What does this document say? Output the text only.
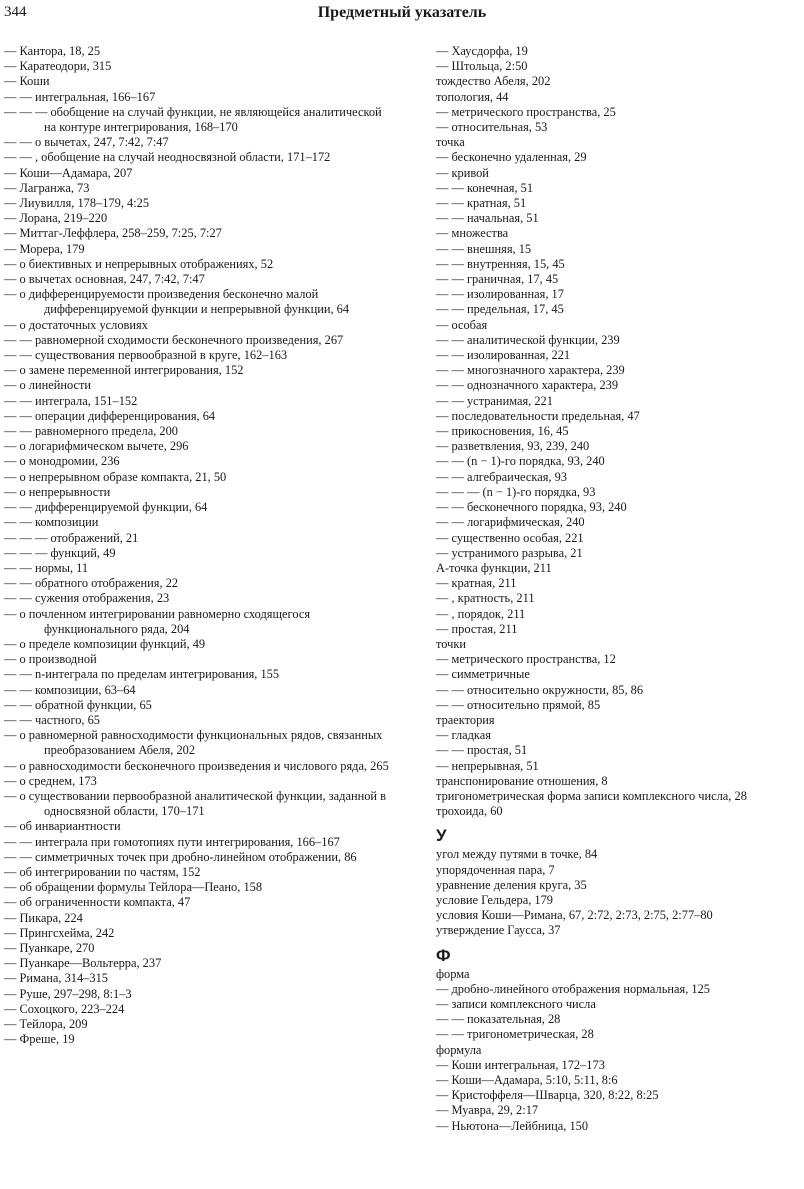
344	Предметный указатель
— Кантора, 18, 25
— Каратеодори, 315
— Коши
— — интегральная, 166–167
— — — обобщение на случай функции, не являющейся аналитической на контуре интегрирования, 168–170
— — о вычетах, 247, 7:42, 7:47
— — , обобщение на случай неодносвязной области, 171–172
— Коши—Адамара, 207
— Лагранжа, 73
— Лиувилля, 178–179, 4:25
— Лорана, 219–220
— Миттаг-Леффлера, 258–259, 7:25, 7:27
— Морера, 179
— о биективных и непрерывных отображениях, 52
— о вычетах основная, 247, 7:42, 7:47
— о дифференцируемости произведения бесконечно малой дифференцируемой функции и непрерывной функции, 64
— о достаточных условиях
— — равномерной сходимости бесконечного произведения, 267
— — существования первообразной в круге, 162–163
— о замене переменной интегрирования, 152
— о линейности
— — интеграла, 151–152
— — операции дифференцирования, 64
— — равномерного предела, 200
— о логарифмическом вычете, 296
— о монодромии, 236
— о непрерывном образе компакта, 21, 50
— о непрерывности
— — дифференцируемой функции, 64
— — композиции
— — — отображений, 21
— — — функций, 49
— — нормы, 11
— — обратного отображения, 22
— — сужения отображения, 23
— о почленном интегрировании равномерно сходящегося функционального ряда, 204
— о пределе композиции функций, 49
— о производной
— — n-интеграла по пределам интегрирования, 155
— — композиции, 63–64
— — обратной функции, 65
— — частного, 65
— о равномерной равносходимости функциональных рядов, связанных преобразованием Абеля, 202
— о равносходимости бесконечного произведения и числового ряда, 265
— о среднем, 173
— о существовании первообразной аналитической функции, заданной в односвязной области, 170–171
— об инвариантности
— — интеграла при гомотопиях пути интегрирования, 166–167
— — симметричных точек при дробно-линейном отображении, 86
— об интегрировании по частям, 152
— об обращении формулы Тейлора—Пеано, 158
— об ограниченности компакта, 47
— Пикара, 224
— Прингсхейма, 242
— Пуанкаре, 270
— Пуанкаре—Вольтерра, 237
— Римана, 314–315
— Руше, 297–298, 8:1–3
— Сохоцкого, 223–224
— Тейлора, 209
— Фреше, 19
— Хаусдорфа, 19
— Штольца, 2:50
тождество Абеля, 202
топология, 44
— метрического пространства, 25
— относительная, 53
точка
— бесконечно удаленная, 29
— кривой
— — конечная, 51
— — кратная, 51
— — начальная, 51
— множества
— — внешняя, 15
— — внутренняя, 15, 45
— — граничная, 17, 45
— — изолированная, 17
— — предельная, 17, 45
— особая
— — аналитической функции, 239
— — изолированная, 221
— — многозначного характера, 239
— — однозначного характера, 239
— — устранимая, 221
— последовательности предельная, 47
— прикосновения, 16, 45
— разветвления, 93, 239, 240
— — (n − 1)-го порядка, 93, 240
— — алгебраическая, 93
— — — (n − 1)-го порядка, 93
— — бесконечного порядка, 93, 240
— — логарифмическая, 240
— существенно особая, 221
— устранимого разрыва, 21
A-точка функции, 211
— кратная, 211
— , кратность, 211
— , порядок, 211
— простая, 211
точки
— метрического пространства, 12
— симметричные
— — относительно окружности, 85, 86
— — относительно прямой, 85
траектория
— гладкая
— — простая, 51
— непрерывная, 51
транспонирование отношения, 8
тригонометрическая форма записи комплексного числа, 28
трохоида, 60
У
угол между путями в точке, 84
упорядоченная пара, 7
уравнение деления круга, 35
условие Гельдера, 179
условия Коши—Римана, 67, 2:72, 2:73, 2:75, 2:77–80
утверждение Гаусса, 37
Ф
форма
— дробно-линейного отображения нормальная, 125
— записи комплексного числа
— — показательная, 28
— — тригонометрическая, 28
формула
— Коши интегральная, 172–173
— Коши—Адамара, 5:10, 5:11, 8:6
— Кристоффеля—Шварца, 320, 8:22, 8:25
— Муавра, 29, 2:17
— Ньютона—Лейбница, 150
